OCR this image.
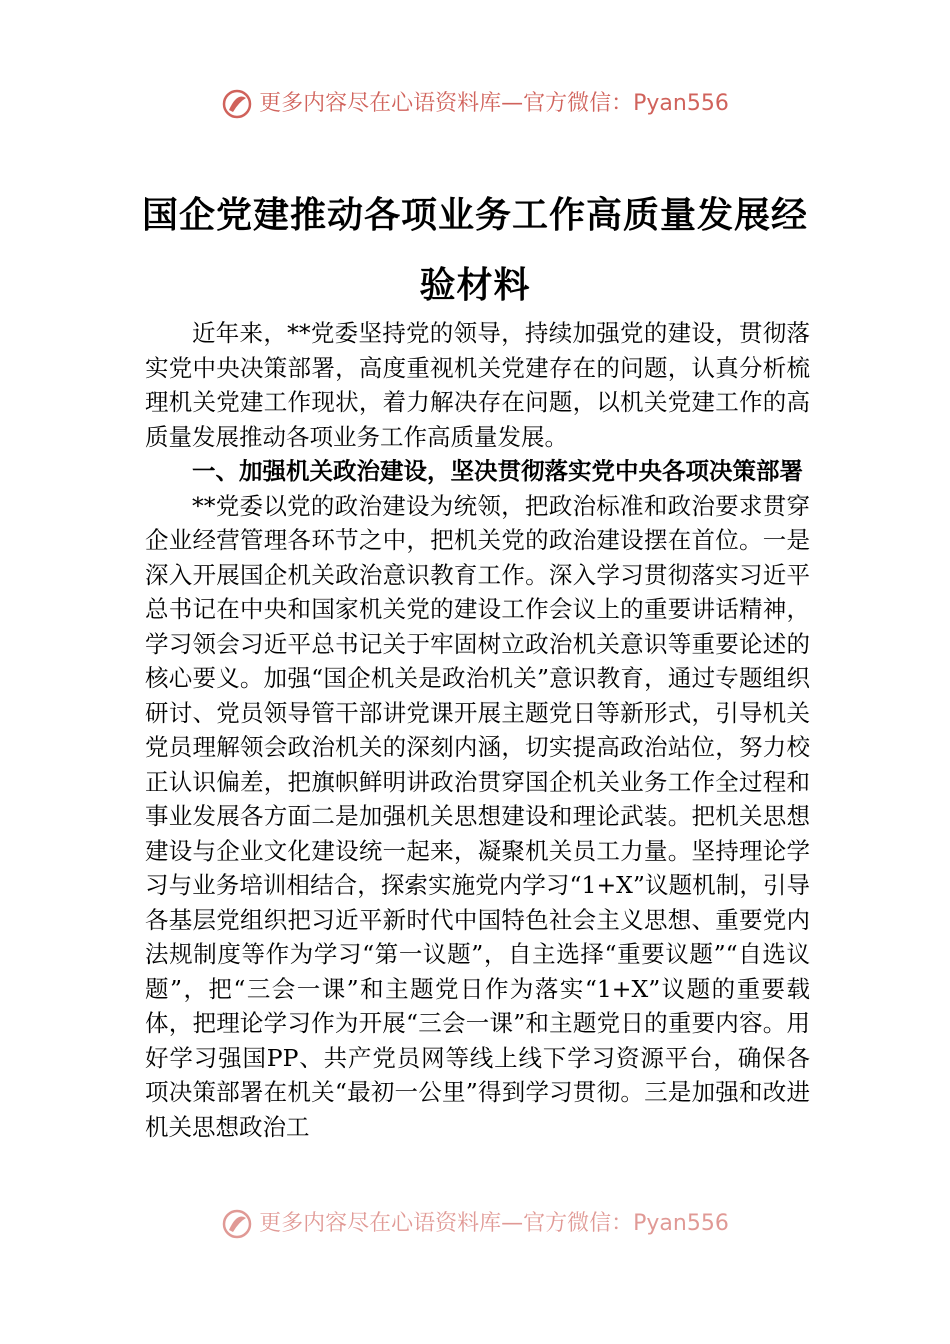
更多内容尽在心语资料库—官方微信：Pyan556
国企党建推动各项业务工作高质量发展经验材料

近年来，**党委坚持党的领导，持续加强党的建设，贯彻落实党中央决策部署，高度重视机关党建存在的问题，认真分析梳理机关党建工作现状，着力解决存在问题，以机关党建工作的高质量发展推动各项业务工作高质量发展。

一、加强机关政治建设，坚决贯彻落实党中央各项决策部署

**党委以党的政治建设为统领，把政治标准和政治要求贯穿企业经营管理各环节之中，把机关党的政治建设摆在首位。一是深入开展国企机关政治意识教育工作。深入学习贯彻落实习近平总书记在中央和国家机关党的建设工作会议上的重要讲话精神，学习领会习近平总书记关于牢固树立政治机关意识等重要论述的核心要义。加强“国企机关是政治机关”意识教育，通过专题组织研讨、党员领导管干部讲党课开展主题党日等新形式，引导机关党员理解领会政治机关的深刻内涵，切实提高政治站位，努力校正认识偏差，把旗帜鲜明讲政治贯穿国企机关业务工作全过程和事业发展各方面二是加强机关思想建设和理论武装。把机关思想建设与企业文化建设统一起来，凝聚机关员工力量。坚持理论学习与业务培训相结合，探索实施党内学习“1+X”议题机制，引导各基层党组织把习近平新时代中国特色社会主义思想、重要党内法规制度等作为学习“第一议题”，自主选择“重要议题”“自选议题”，把“三会一课”和主题党日作为落实“1+X”议题的重要载体，把理论学习作为开展“三会一课”和主题党日的重要内容。用好学习强国PP、共产党员网等线上线下学习资源平台，确保各项决策部署在机关“最初一公里”得到学习贯彻。三是加强和改进机关思想政治工

更多内容尽在心语资料库—官方微信：Pyan556
